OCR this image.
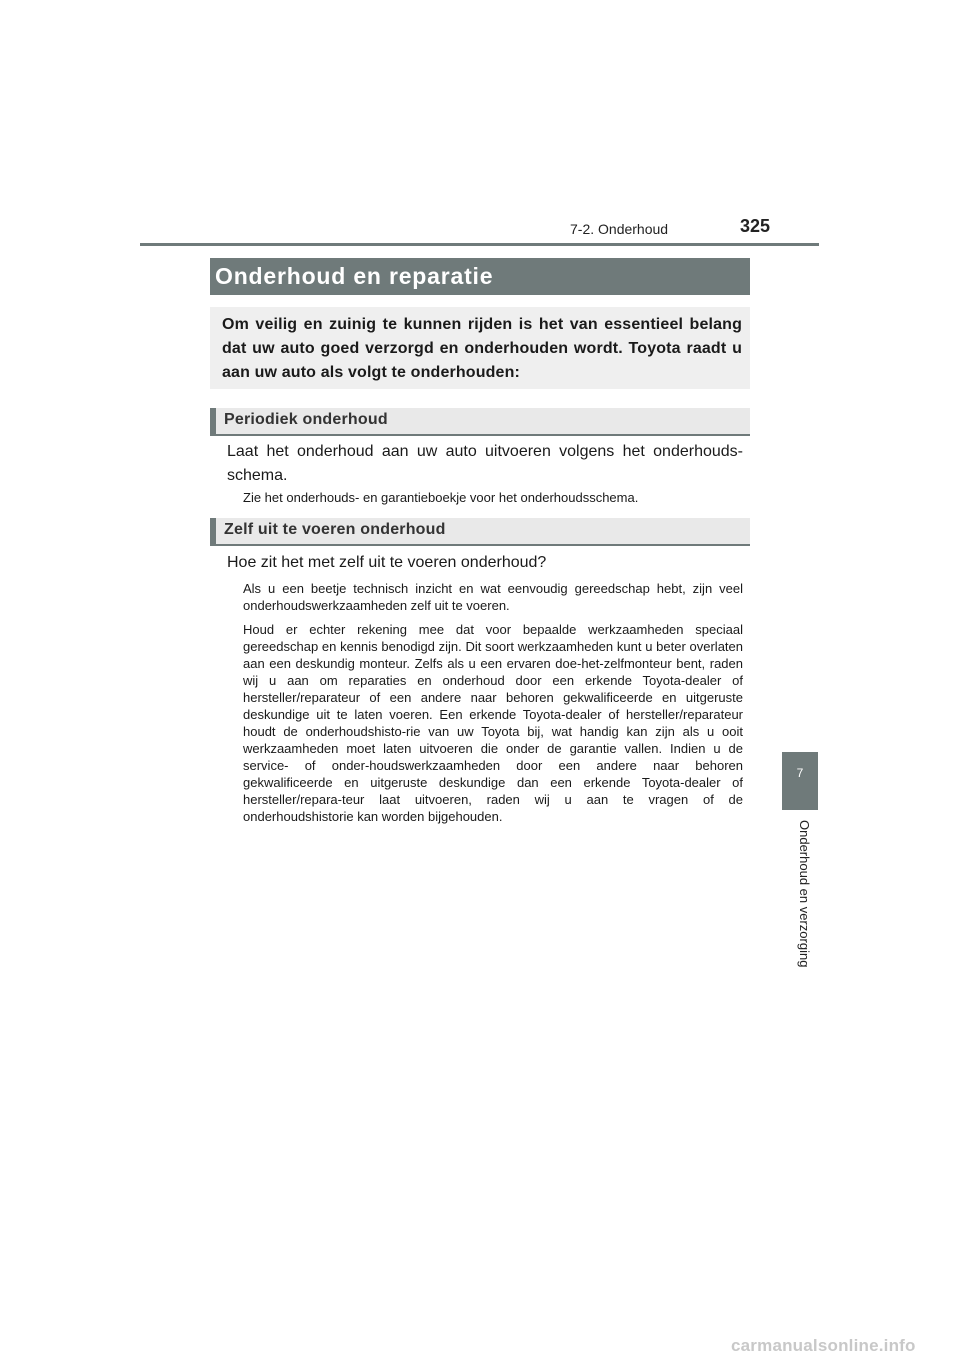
7-2. Onderhoud	325
Onderhoud en reparatie
Om veilig en zuinig te kunnen rijden is het van essentieel belang dat uw auto goed verzorgd en onderhouden wordt. Toyota raadt u aan uw auto als volgt te onderhouden:
Periodiek onderhoud
Laat het onderhoud aan uw auto uitvoeren volgens het onderhouds-schema.
Zie het onderhouds- en garantieboekje voor het onderhoudsschema.
Zelf uit te voeren onderhoud
Hoe zit het met zelf uit te voeren onderhoud?
Als u een beetje technisch inzicht en wat eenvoudig gereedschap hebt, zijn veel onderhoudswerkzaamheden zelf uit te voeren.
Houd er echter rekening mee dat voor bepaalde werkzaamheden speciaal gereedschap en kennis benodigd zijn. Dit soort werkzaamheden kunt u beter overlaten aan een deskundig monteur. Zelfs als u een ervaren doe-het-zelfmonteur bent, raden wij u aan om reparaties en onderhoud door een erkende Toyota-dealer of hersteller/reparateur of een andere naar behoren gekwalificeerde en uitgeruste deskundige uit te laten voeren. Een erkende Toyota-dealer of hersteller/reparateur houdt de onderhoudshisto-rie van uw Toyota bij, wat handig kan zijn als u ooit werkzaamheden moet laten uitvoeren die onder de garantie vallen. Indien u de service- of onder-houdswerkzaamheden door een andere naar behoren gekwalificeerde en uitgeruste deskundige dan een erkende Toyota-dealer of hersteller/repara-teur laat uitvoeren, raden wij u aan te vragen of de onderhoudshistorie kan worden bijgehouden.
7
Onderhoud en verzorging
carmanualsonline.info
